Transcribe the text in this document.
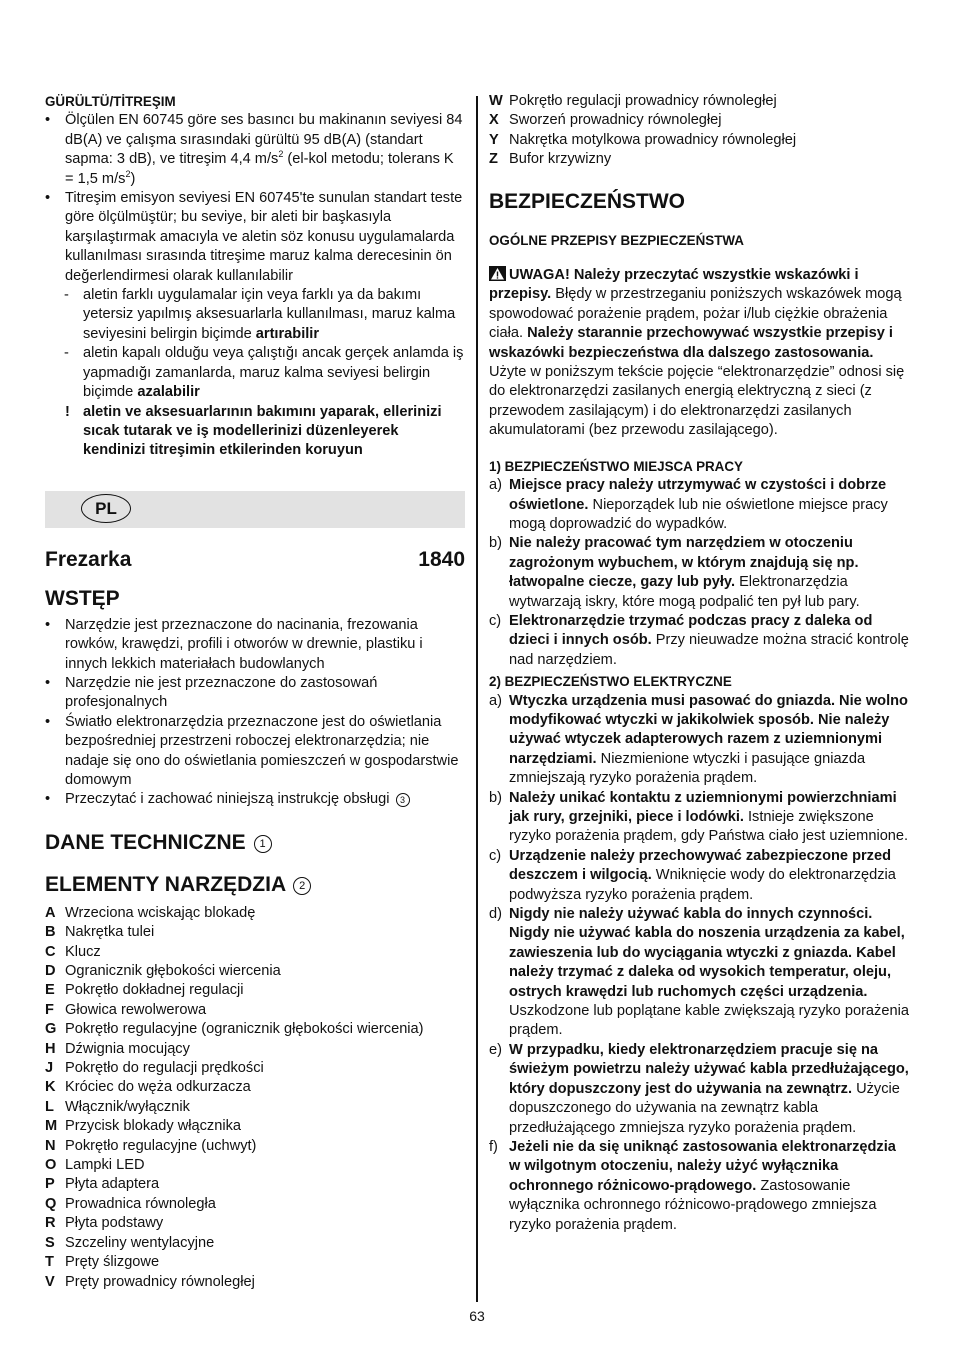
GÜRÜLTÜ/TİTREŞIM

• Ölçülen EN 60745 göre ses basıncı bu makinanın seviyesi 84 dB(A) ve çalışma sırasındaki gürültü 95 dB(A) (standart sapma: 3 dB), ve titreşim 4,4 $m/s^2$ (el-kol metodu; tolerans K = 1,5 $m/s^2$)
• Titreşim emisyon seviyesi EN 60745'te sunulan standart teste göre ölçülmüştür; bu seviye, bir aleti bir başkasıyla karşılaştırmak amacıyla ve aletin söz konusu uygulamalarda kullanılması sırasında titreşime maruz kalma derecesinin ön değerlendirmesi olarak kullanılabilir
- aletin farklı uygulamalar için veya farklı ya da bakımı yetersiz yapılmış aksesuarlarla kullanılması, maruz kalma seviyesini belirgin biçimde artırabilir
- aletin kapalı olduğu veya çalıştığı ancak gerçek anlamda iş yapmadığı zamanlarda, maruz kalma seviyesi belirgin biçimde azalabilir
! aletin ve aksesuarlarının bakımını yaparak, ellerinizi sıcak tutarak ve iş modellerinizi düzenleyerek kendinizi titreşimin etkilerinden koruyun
PL
Frezarka	1840

WSTĘP

• Narzędzie jest przeznaczone do nacinania, frezowania rowków, krawędzi, profili i otworów w drewnie, plastiku i innych lekkich materiałach budowlanych
• Narzędzie nie jest przeznaczone do zastosowań profesjonalnych
• Światło elektronarzędzia przeznaczone jest do oświetlania bezpośredniej przestrzeni roboczej elektronarzędzia; nie nadaje się ono do oświetlania pomieszczeń w gospodarstwie domowym
• Przeczytać i zachować niniejszą instrukcję obsługi 3

DANE TECHNICZNE 1

ELEMENTY NARZĘDZIA 2

A Wrzeciona wciskając blokadę
B Nakrętka tulei
C Klucz
D Ogranicznik głębokości wiercenia
E Pokrętło dokładnej regulacji
F Głowica rewolwerowa
G Pokrętło regulacyjne (ogranicznik głębokości wiercenia)
H Dźwignia mocujący
J Pokrętło do regulacji prędkości
K Króciec do węża odkurzacza
L Włącznik/wyłącznik
M Przycisk blokady włącznika
N Pokrętło regulacyjne (uchwyt)
O Lampki LED
P Płyta adaptera
Q Prowadnica równoległa
R Płyta podstawy
S Szczeliny wentylacyjne
T Pręty ślizgowe
V Pręty prowadnicy równoległej
W Pokrętło regulacji prowadnicy równoległej
X Sworzeń prowadnicy równoległej
Y Nakrętka motylkowa prowadnicy równoległej
Z Bufor krzywizny

BEZPIECZEŃSTWO

OGÓLNE PRZEPISY BEZPIECZEŃSTWA

UWAGA! Należy przeczytać wszystkie wskazówki i przepisy. Błędy w przestrzeganiu poniższych wskazówek mogą spowodować porażenie prądem, pożar i/lub ciężkie obrażenia ciała. Należy starannie przechowywać wszystkie przepisy i wskazówki bezpieczeństwa dla dalszego zastosowania. Użyte w poniższym tekście pojęcie “elektronarzędzie” odnosi się do elektronarzędzi zasilanych energią elektryczną z sieci (z przewodem zasilającym) i do elektronarzędzi zasilanych akumulatorami (bez przewodu zasilającego).

1) BEZPIECZEŃSTWO MIEJSCA PRACY

a) Miejsce pracy należy utrzymywać w czystości i dobrze oświetlone. Nieporządek lub nie oświetlone miejsce pracy mogą doprowadzić do wypadków.
b) Nie należy pracować tym narzędziem w otoczeniu zagrożonym wybuchem, w którym znajdują się np. łatwopalne ciecze, gazy lub pyły. Elektronarzędzia wytwarzają iskry, które mogą podpalić ten pył lub pary.
c) Elektronarzędzie trzymać podczas pracy z daleka od dzieci i innych osób. Przy nieuwadze można stracić kontrolę nad narzędziem.

2) BEZPIECZEŃSTWO ELEKTRYCZNE

a) Wtyczka urządzenia musi pasować do gniazda. Nie wolno modyfikować wtyczki w jakikolwiek sposób. Nie należy używać wtyczek adapterowych razem z uziemnionymi narzędziami. Niezmienione wtyczki i pasujące gniazda zmniejszają ryzyko porażenia prądem.
b) Należy unikać kontaktu z uziemnionymi powierzchniami jak rury, grzejniki, piece i lodówki. Istnieje zwiększone ryzyko porażenia prądem, gdy Państwa ciało jest uziemnione.
c) Urządzenie należy przechowywać zabezpieczone przed deszczem i wilgocią. Wniknięcie wody do elektronarzędzia podwyższa ryzyko porażenia prądem.
d) Nigdy nie należy używać kabla do innych czynności. Nigdy nie używać kabla do noszenia urządzenia za kabel, zawieszenia lub do wyciągania wtyczki z gniazda. Kabel należy trzymać z daleka od wysokich temperatur, oleju, ostrych krawędzi lub ruchomych części urządzenia. Uszkodzone lub poplątane kable zwiększają ryzyko porażenia prądem.
e) W przypadku, kiedy elektronarzędziem pracuje się na świeżym powietrzu należy używać kabla przedłużającego, który dopuszczony jest do używania na zewnątrz. Użycie dopuszczonego do używania na zewnątrz kabla przedłużającego zmniejsza ryzyko porażenia prądem.
f) Jeżeli nie da się uniknąć zastosowania elektronarzędzia w wilgotnym otoczeniu, należy użyć wyłącznika ochronnego różnicowo-prądowego. Zastosowanie wyłącznika ochronnego różnicowo-prądowego zmniejsza ryzyko porażenia prądem.
63
